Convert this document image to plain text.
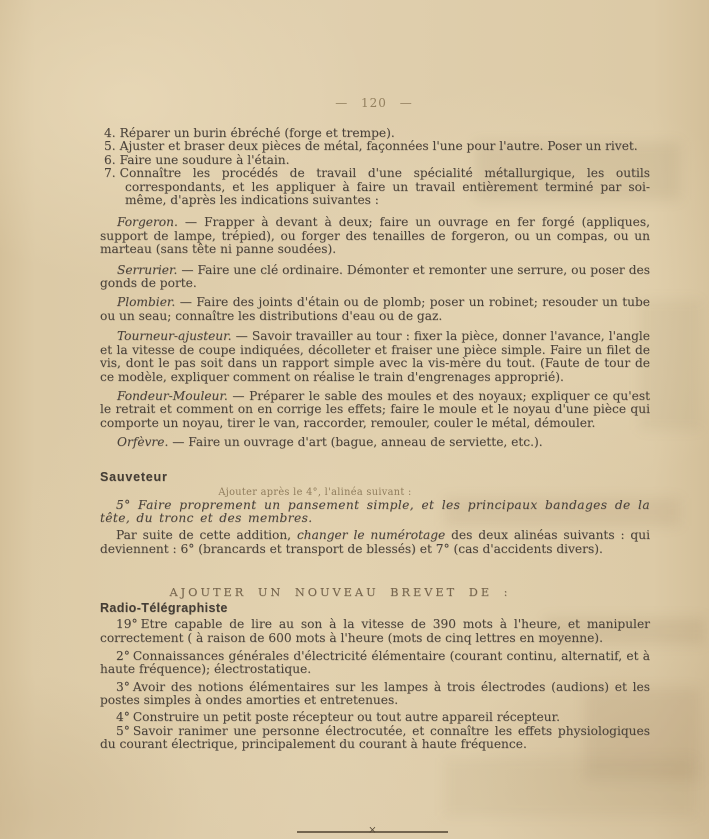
— 120 —

4. Réparer un burin ébréché (forge et trempe).

5. Ajuster et braser deux pièces de métal, façonnées l'une pour l'autre. Poser un rivet.

6. Faire une soudure à l'étain.

7. Connaître les procédés de travail d'une spécialité métallurgique, les outils correspondants, et les appliquer à faire un travail entièrement terminé par soi-même, d'après les indications suivantes :

Forgeron. — Frapper à devant à deux; faire un ouvrage en fer forgé (appliques, support de lampe, trépied), ou forger des tenailles de forgeron, ou un compas, ou un marteau (sans tête ni panne soudées).

Serrurier. — Faire une clé ordinaire. Démonter et remonter une serrure, ou poser des gonds de porte.

Plombier. — Faire des joints d'étain ou de plomb; poser un robinet; resouder un tube ou un seau; connaître les distributions d'eau ou de gaz.

Tourneur-ajusteur. — Savoir travailler au tour : fixer la pièce, donner l'avance, l'angle et la vitesse de coupe indiquées, décolleter et fraiser une pièce simple. Faire un filet de vis, dont le pas soit dans un rapport simple avec la vis-mère du tout. (Faute de tour de ce modèle, expliquer comment on réalise le train d'engrenages approprié).

Fondeur-Mouleur. — Préparer le sable des moules et des noyaux; expliquer ce qu'est le retrait et comment on en corrige les effets; faire le moule et le noyau d'une pièce qui comporte un noyau, tirer le van, raccorder, remouler, couler le métal, démouler.

Orfèvre. — Faire un ouvrage d'art (bague, anneau de serviette, etc.).

Sauveteur

Ajouter après le 4°, l'alinéa suivant :

5° Faire proprement un pansement simple, et les principaux bandages de la tête, du tronc et des membres.

Par suite de cette addition, changer le numérotage des deux alinéas suivants : qui deviennent : 6° (brancards et transport de blessés) et 7° (cas d'accidents divers).

AJOUTER UN NOUVEAU BREVET DE :

Radio-Télégraphiste

19° Etre capable de lire au son à la vitesse de 390 mots à l'heure, et manipuler correctement ( à raison de 600 mots à l'heure (mots de cinq lettres en moyenne).

2° Connaissances générales d'électricité élémentaire (courant continu, alternatif, et à haute fréquence); électrostatique.

3° Avoir des notions élémentaires sur les lampes à trois électrodes (audions) et les postes simples à ondes amorties et entretenues.

4° Construire un petit poste récepteur ou tout autre appareil récepteur.

5° Savoir ranimer une personne électrocutée, et connaître les effets physiologiques du courant électrique, principalement du courant à haute fréquence.

×
